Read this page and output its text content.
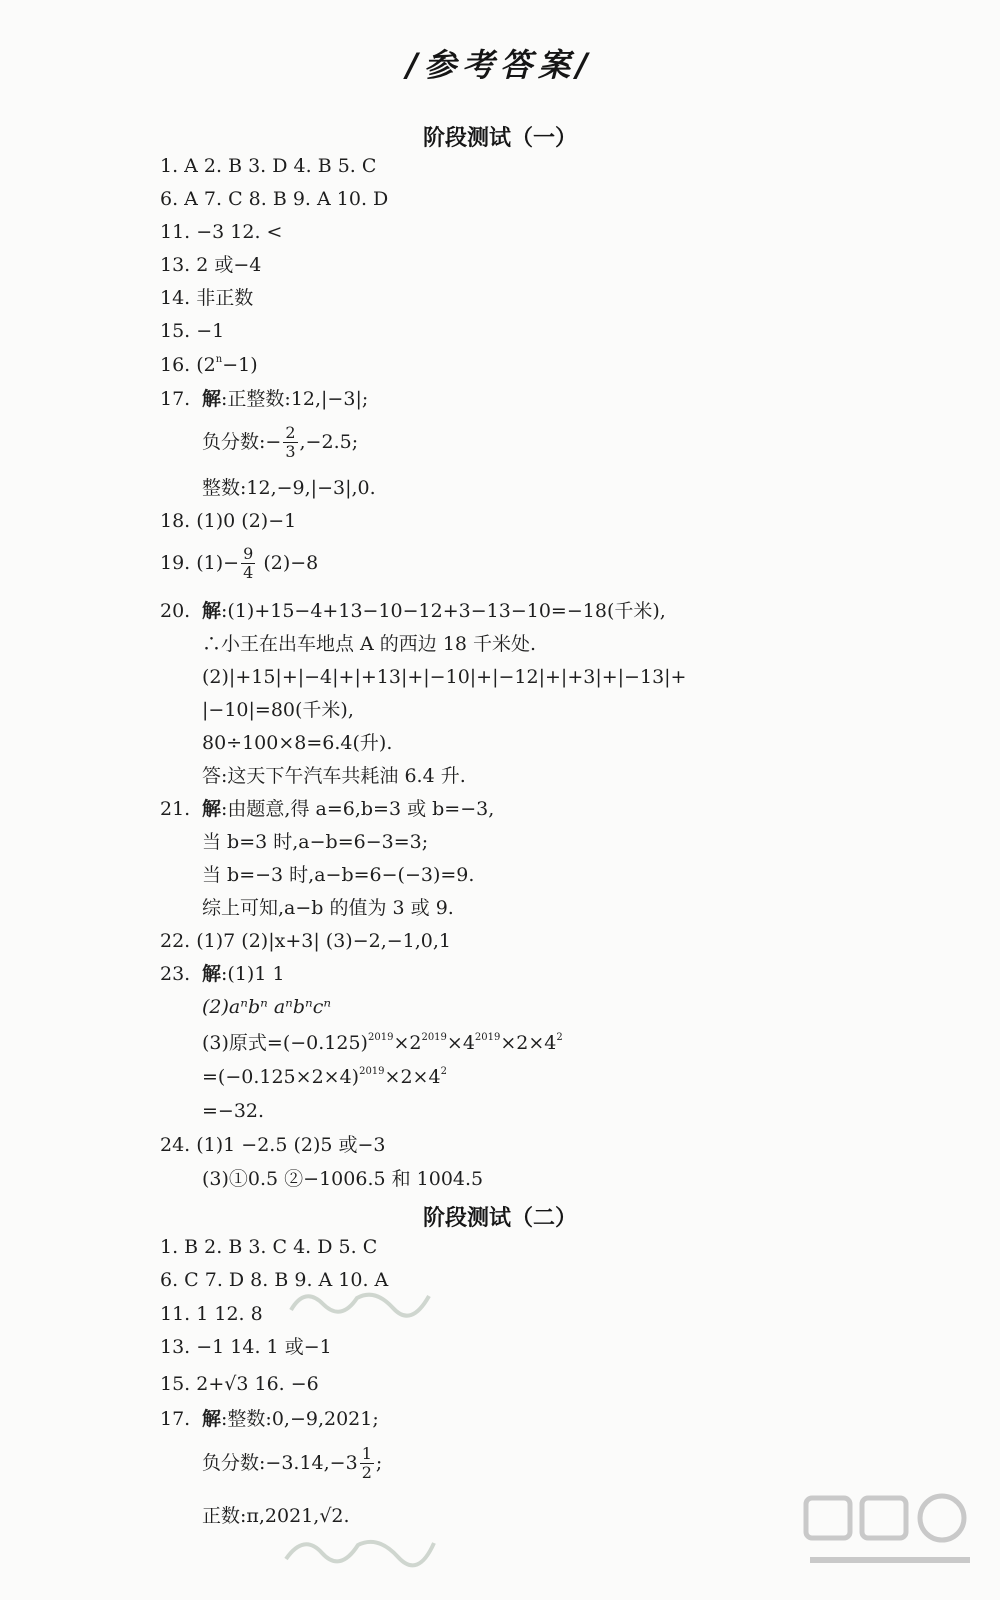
/参考答案/
阶段测试（一）
1. A 2. B 3. D 4. B 5. C
6. A 7. C 8. B 9. A 10. D
11. −3 12. <
13. 2 或−4
14. 非正数
15. −1
16. $(2^n-1)$
17. 解:正整数:12,|−3|;
负分数:− $\frac{2}{3} ,-2.5$;
整数:12,−9,|−3|,0.
18. (1)0 (2)−1
19. $(1)- \frac{9}{4} (2)-8$
20. 解:(1)+15−4+13−10−12+3−13−10=−18(千米),
∴小王在出车地点 A 的西边 18 千米处.
(2)|+15|+|−4|+|+13|+|−10|+|−12|+|+3|+|−13|+
|−10|=80(千米),
80÷100×8=6.4(升).
答:这天下午汽车共耗油 6.4 升.
21. 解:由题意,得 a=6,b=3 或 b=−3,
当 b=3 时,a−b=6−3=3;
当 b=−3 时,a−b=6−(−3)=9.
综上可知,a−b 的值为 3 或 9.
22. (1)7 (2)|x+3| (3)−2,−1,0,1
23. 解:(1)1 1
(2)aⁿbⁿ aⁿbⁿcⁿ
(3)原式$=(-0.125)^{2019}\times 2^{2019}\times 4^{2019}\times 2\times 4^2$
$=(-0.125\times 2\times 4)^{2019}\times 2\times 4^2$
=−32.
24. (1)1 −2.5 (2)5 或−3
(3)①0.5 ②−1006.5 和 1004.5
阶段测试（二）
1. B 2. B 3. C 4. D 5. C
6. C 7. D 8. B 9. A 10. A
11. 1 12. 8
13. −1 14. 1 或−1
15. 2+√3 16. −6
17. 解:整数:0,−9,2021;
负分数:−3.14,−3 $\frac{1}{2}$ ;
正数:π,2021,√2.
